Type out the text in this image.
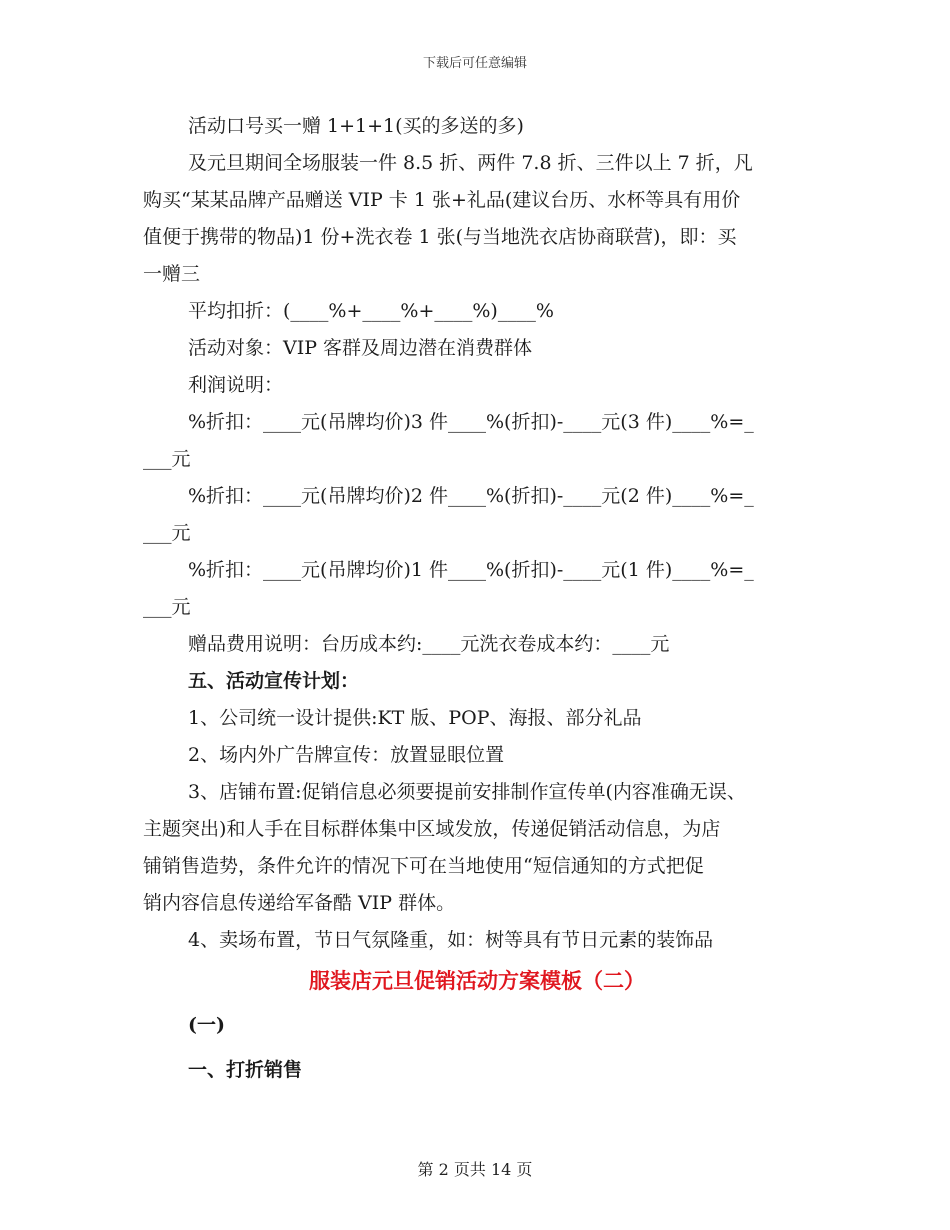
下载后可任意编辑

活动口号买一赠 1+1+1(买的多送的多)

及元旦期间全场服装一件 8.5 折、两件 7.8 折、三件以上 7 折，凡

购买“某某品牌产品赠送 VIP 卡 1 张+礼品(建议台历、水杯等具有用价

值便于携带的物品)1 份+洗衣卷 1 张(与当地洗衣店协商联营)，即：买

一赠三

平均扣折：(____%+____%+____%)____%

活动对象：VIP 客群及周边潜在消费群体

利润说明：

%折扣：____元(吊牌均价)3 件____%(折扣)-____元(3 件)____%=_

___元

%折扣：____元(吊牌均价)2 件____%(折扣)-____元(2 件)____%=_

___元

%折扣：____元(吊牌均价)1 件____%(折扣)-____元(1 件)____%=_

___元

赠品费用说明：台历成本约:____元洗衣卷成本约：____元

五、活动宣传计划：

1、公司统一设计提供:KT 版、POP、海报、部分礼品

2、场内外广告牌宣传：放置显眼位置

3、店铺布置:促销信息必须要提前安排制作宣传单(内容准确无误、

主题突出)和人手在目标群体集中区域发放，传递促销活动信息，为店

铺销售造势，条件允许的情况下可在当地使用“短信通知的方式把促

销内容信息传递给军备酷 VIP 群体。

4、卖场布置，节日气氛隆重，如：树等具有节日元素的装饰品

服装店元旦促销活动方案模板（二）

(一)

一、打折销售

第 2 页共 14 页
